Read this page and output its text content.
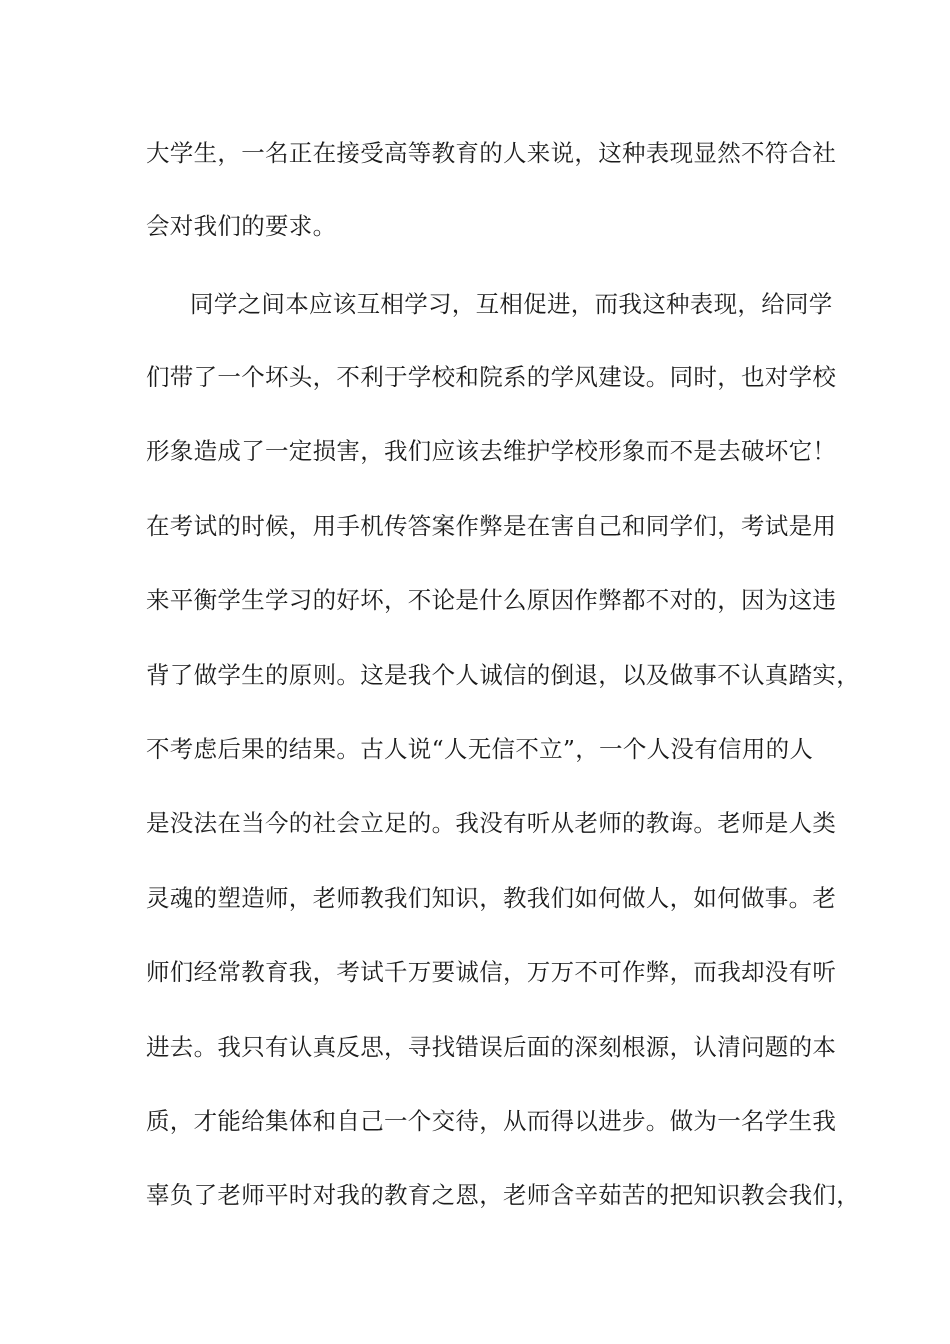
大学生，一名正在接受高等教育的人来说，这种表现显然不符合社
会对我们的要求。
同学之间本应该互相学习，互相促进，而我这种表现，给同学
们带了一个坏头，不利于学校和院系的学风建设。同时，也对学校
形象造成了一定损害，我们应该去维护学校形象而不是去破坏它！
在考试的时候，用手机传答案作弊是在害自己和同学们，考试是用
来平衡学生学习的好坏，不论是什么原因作弊都不对的，因为这违
背了做学生的原则。这是我个人诚信的倒退，以及做事不认真踏实，
不考虑后果的结果。古人说“人无信不立”，一个人没有信用的人
是没法在当今的社会立足的。我没有听从老师的教诲。老师是人类
灵魂的塑造师，老师教我们知识，教我们如何做人，如何做事。老
师们经常教育我，考试千万要诚信，万万不可作弊，而我却没有听
进去。我只有认真反思，寻找错误后面的深刻根源，认清问题的本
质，才能给集体和自己一个交待，从而得以进步。做为一名学生我
辜负了老师平时对我的教育之恩，老师含辛茹苦的把知识教会我们，
